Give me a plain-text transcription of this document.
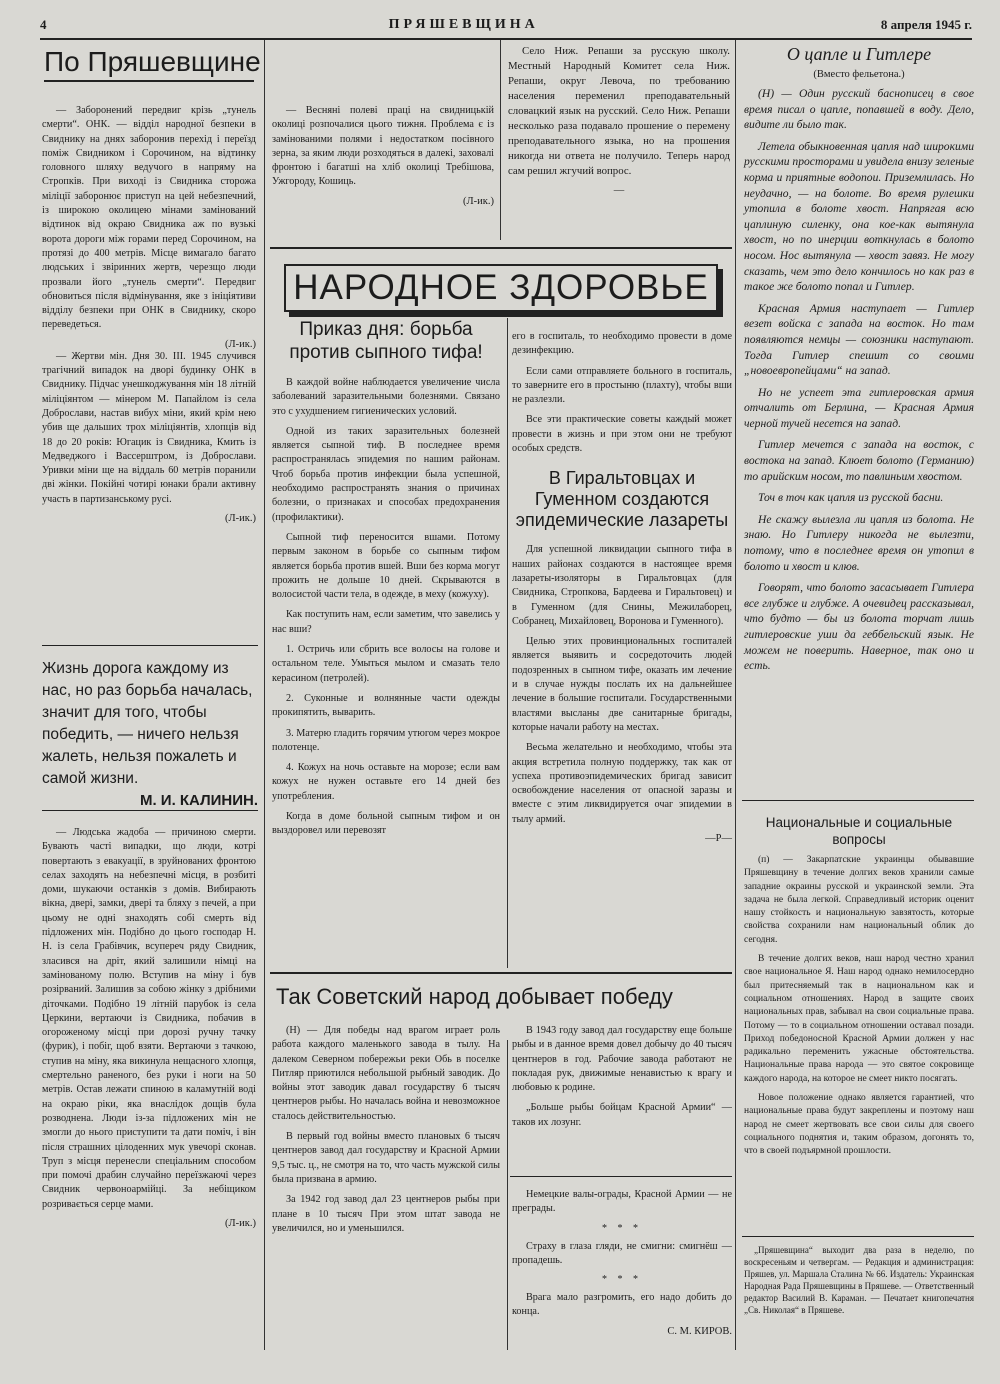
4	ПРЯШЕВЩИНА	8 апреля 1945 г.
По Пряшевщине

— Заборонений передвиг крізь „тунель смерти“. ОНК. — відділ народної безпеки в Свиднику на днях заборонив перехід і переїзд поміж Свидником і Сорочином, на відтинку головного шляху ведучого в напряму на Стропків. При виході із Свидника сторожа міліції заборонює приступ на цей небезпечний, із широкою околицею мінами замінований відтинок від окраю Свидника аж по вузькі ворота дороги між горами перед Сорочином, на протязі до 400 метрів. Місце вимагало багато людських і звіринних жертв, черезщо люди прозвали його „тунель смерти“. Передвиг обновиться після відмінування, яке з ініціятиви відділу безпеки при ОНК в Свиднику, скоро переведеться.

(Л-ик.)

— Жертви мін. Дня 30. III. 1945 случився трагічний випадок на дворі будинку ОНК в Свиднику. Підчас унешкоджування мін 18 літній міліціянтом — мінером М. Папайлом із села Доброслави, настав вибух міни, який крім нею убив ще дальших трох міліціянтів, хлопців від 18 до 20 років: Югацик із Свидника, Кмить із Медведжого і Вассерштром, із Доброслави. Уривки міни ще на віддаль 60 метрів поранили дві жінки. Покійні чотирі юнаки брали активну участь в партизанському русі.

(Л-ик.)
Жизнь дорога каждому из нас, но раз борьба началась, значит для того, чтобы победить, — ничего нельзя жалеть, нельзя пожалеть и самой жизни.
М. И. КАЛИНИН.

— Людська жадоба — причиною смерти. Бувають часті випадки, що люди, котрі повертають з евакуації, в зруйнованих фронтою селах заходять на небезпечні місця, в розбиті доми, шукаючи останків з домів. Вибирають вікна, двері, замки, двері та бляху з печей, а при цьому не одні знаходять собі смерть від підложених мін. Подібно до цього господар Н. Н. із села Грабівчик, всупереч ряду Свидник, зласився на дріт, який залишили німці на замінованому полю. Вступив на міну і був розірваний. Залишив за собою жінку з дрібними діточками. Подібно 19 літній парубок із села Церкини, вертаючи із Свидника, побачив в огороженому місці при дорозі ручну тачку (фурик), і побіг, щоб взяти. Вертаючи з тачкою, ступив на міну, яка викинула нещасного хлопця, смертельно раненого, без руки і ноги на 50 метрів. Остав лежати спиною в каламутній воді на окраю ріки, яка внаслідок дощів була розводнена. Люди із-за підложених мін не змогли до нього приступити та дати поміч, і він після страшних цілоденних мук увечорі сконав. Труп з місця перенесли спеціальним способом при помочі драбин случайно переїзжаючі через Свидник червоноармійці. За небіщиком розривається серце мами.

(Л-ик.)

— Весняні полеві праці на свидницькій околиці розпочалися цього тижня. Проблема є із замінованими полями і недостатком посівного зерна, за яким люди розходяться в далекі, заховалі фронтою і багатші на хліб околиці Требішова, Ужгороду, Кошиць.

(Л-ик.)

Село Ниж. Репаши за русскую школу. Местный Народный Комитет села Ниж. Репаши, округ Левоча, по требованию населения переменил преподавательный словацкий язык на русский. Село Ниж. Репаши несколько раза подавало прошение о перемену преподавательного языка, но на прошения никогда ни ответа не получило. Теперь народ сам решил жгучий вопрос.

—
НАРОДНОЕ ЗДОРОВЬЕ
Приказ дня: борьба против сыпного тифа!

В каждой войне наблюдается увеличение числа заболеваний заразительными болезнями. Связано это с ухудшением гигиенических условий.

Одной из таких заразительных болезней является сыпной тиф. В последнее время распространялась эпидемия по нашим районам. Чтоб борьба против инфекции была успешной, необходимо распространять знания о причинах болезни, о признаках и способах предохранения (профилактики).

Сыпной тиф переносится вшами. Потому первым законом в борьбе со сыпным тифом является борьба против вшей. Вши без корма могут прожить не дольше 10 дней. Скрываются в волосистой части тела, в одежде, в меху (кожуху).

Как поступить нам, если заметим, что завелись у нас вши?

1. Остричь или сбрить все волосы на голове и остальном теле. Умыться мылом и смазать тело керасином (петролей).

2. Суконные и волнянные части одежды прокипятить, выварить.

3. Матерю гладить горячим утюгом через мокрое полотенце.

4. Кожух на ночь оставьте на морозе; если вам кожух не нужен оставьте его 14 дней без употребления.

Когда в доме больной сыпным тифом и он выздоровел или перевозят

его в госпиталь, то необходимо провести в доме дезинфекцию.

Если сами отправляете больного в госпиталь, то заверните его в простыню (плахту), чтобы вши не разлезли.

Все эти практические советы каждый может провести в жизнь и при этом они не требуют особых средств.

В Гиральтовцах и Гуменном создаются эпидемические лазареты

Для успешной ликвидации сыпного тифа в наших районах создаются в настоящее время лазареты-изоляторы в Гиральтовцах (для Свидника, Стропкова, Бардеева и Гиральтовец) и в Гуменном (для Снины, Межилаборец, Собранец, Михайловец, Воронова и Гуменного).

Целью этих провинциональных госпиталей является выявить и сосредоточить людей подозренных в сыпном тифе, оказать им лечение и в случае нужды послать их на дальнейшее лечение в большие госпитали. Государственными властями высланы две санитарные бригады, которые начали работу на местах.

Весьма желательно и необходимо, чтобы эта акция встретила полную поддержку, так как от успеха противоэпидемических бригад зависит освобождение населения от опасной заразы и вместе с этим ликвидируется очаг эпидемии в тылу армий.

—Р—
Так Советский народ добывает победу

(Н) — Для победы над врагом играет роль работа каждого маленького завода в тылу. На далеком Северном побережьи реки Обь в поселке Питляр приютился небольшой рыбный заводик. До войны этот заводик давал государству 6 тысяч центнеров рыбы. Но началась война и невозможное сталось действительностью.

В первый год войны вместо плановых 6 тысяч центнеров завод дал государству и Красной Армии 9,5 тыс. ц., не смотря на то, что часть мужской силы была призвана в армию.

За 1942 год завод дал 23 центнеров рыбы при плане в 10 тысяч При этом штат завода не увеличился, но и уменьшился.

В 1943 году завод дал государству еще больше рыбы и в данное время довел добычу до 40 тысяч центнеров в год. Рабочие завода работают не покладая рук, движимые ненавистью к врагу и любовью к родине.

„Больше рыбы бойцам Красной Армии“ — таков их лозунг.

Немецкие валы-ограды, Красной Армии — не преграды.

* * *

Страху в глаза гляди, не смигни: смигнёш — пропадешь.

* * *

Врага мало разгромить, его надо добить до конца.

С. М. КИРОВ.
О цапле и Гитлере
(Вместо фельетона.)

(Н) — Один русский баснописец в свое время писал о цапле, попавшей в воду. Дело, видите ли было так.

Летела обыкновенная цапля над широкими русскими просторами и увидела внизу зеленые корма и приятные водопои. Приземлилась. Но неудачно, — на болоте. Во время рулешки утопила в болоте хвост. Напрягая всю цаплиную силенку, она кое-как вытянула хвост, но по инерции воткнулась в болото носом. Нос вытянула — хвост завяз. Не могу сказать, чем это дело кончилось но как раз в такое же болото попал и Гитлер.

Красная Армия наступает — Гитлер везет войска с запада на восток. Но там появляются немцы — союзники наступают. Тогда Гитлер спешит со своими „новоевропейцами“ на запад.

Но не успеет эта гитлеровская армия отчалить от Берлина, — Красная Армия черной тучей несется на запад.

Гитлер мечется с запада на восток, с востока на запад. Клюет болото (Германию) то арийским носом, то павлиньим хвостом.

Точ в точ как цапля из русской басни.

Не скажу вылезла ли цапля из болота. Не знаю. Но Гитлеру никогда не вылезти, потому, что в последнее время он утопил в болото и хвост и клюв.

Говорят, что болото засасывает Гитлера все глубже и глубже. А очевидец рассказывал, что будто — бы из болота торчат лишь гитлеровские уши да геббельский язык. Не можем не поверить. Наверное, так оно и есть.

Национальные и социальные вопросы

(п) — Закарпатские украинцы обывавшие Пряшевщину в течение долгих веков хранили самые западние окраины русской и украинской земли. Эта задача не была легкой. Справедливый историк оценит нашу стойкость и национальную завзятость, которые свойства сохранили нам национальный облик до сегодня.

В течение долгих веков, наш народ честно хранил свое национальное Я. Наш народ однако немилосердно был притесняемый так в национальном как и социальном отношениях. Народ в защите своих национальных прав, забывал на свои социальные права. Потому — то в социальном отношении оставал позади. Приход победоносной Красной Армии должен у нас радикально переменить ужасные обстоятельства. Национальные права народа — это святое сокровище каждого народа, на которое не смеет никто посягать.

Новое положение однако является гарантией, что национальные права будут закреплены и поэтому наш народ не смеет жертвовать все свои силы для своего социального поднятия и, таким образом, догонять то, что в своей подъярмной прошлости.

„Пряшевщина“ выходит два раза в неделю, по воскресеньям и четвергам. — Редакция и администрация: Пряшев, ул. Маршала Сталина № 66. Издатель: Украинская Народная Рада Пряшевщины в Пряшеве. — Ответственный редактор Василий В. Караман. — Печатает книгопечатня „Св. Николая“ в Пряшеве.
